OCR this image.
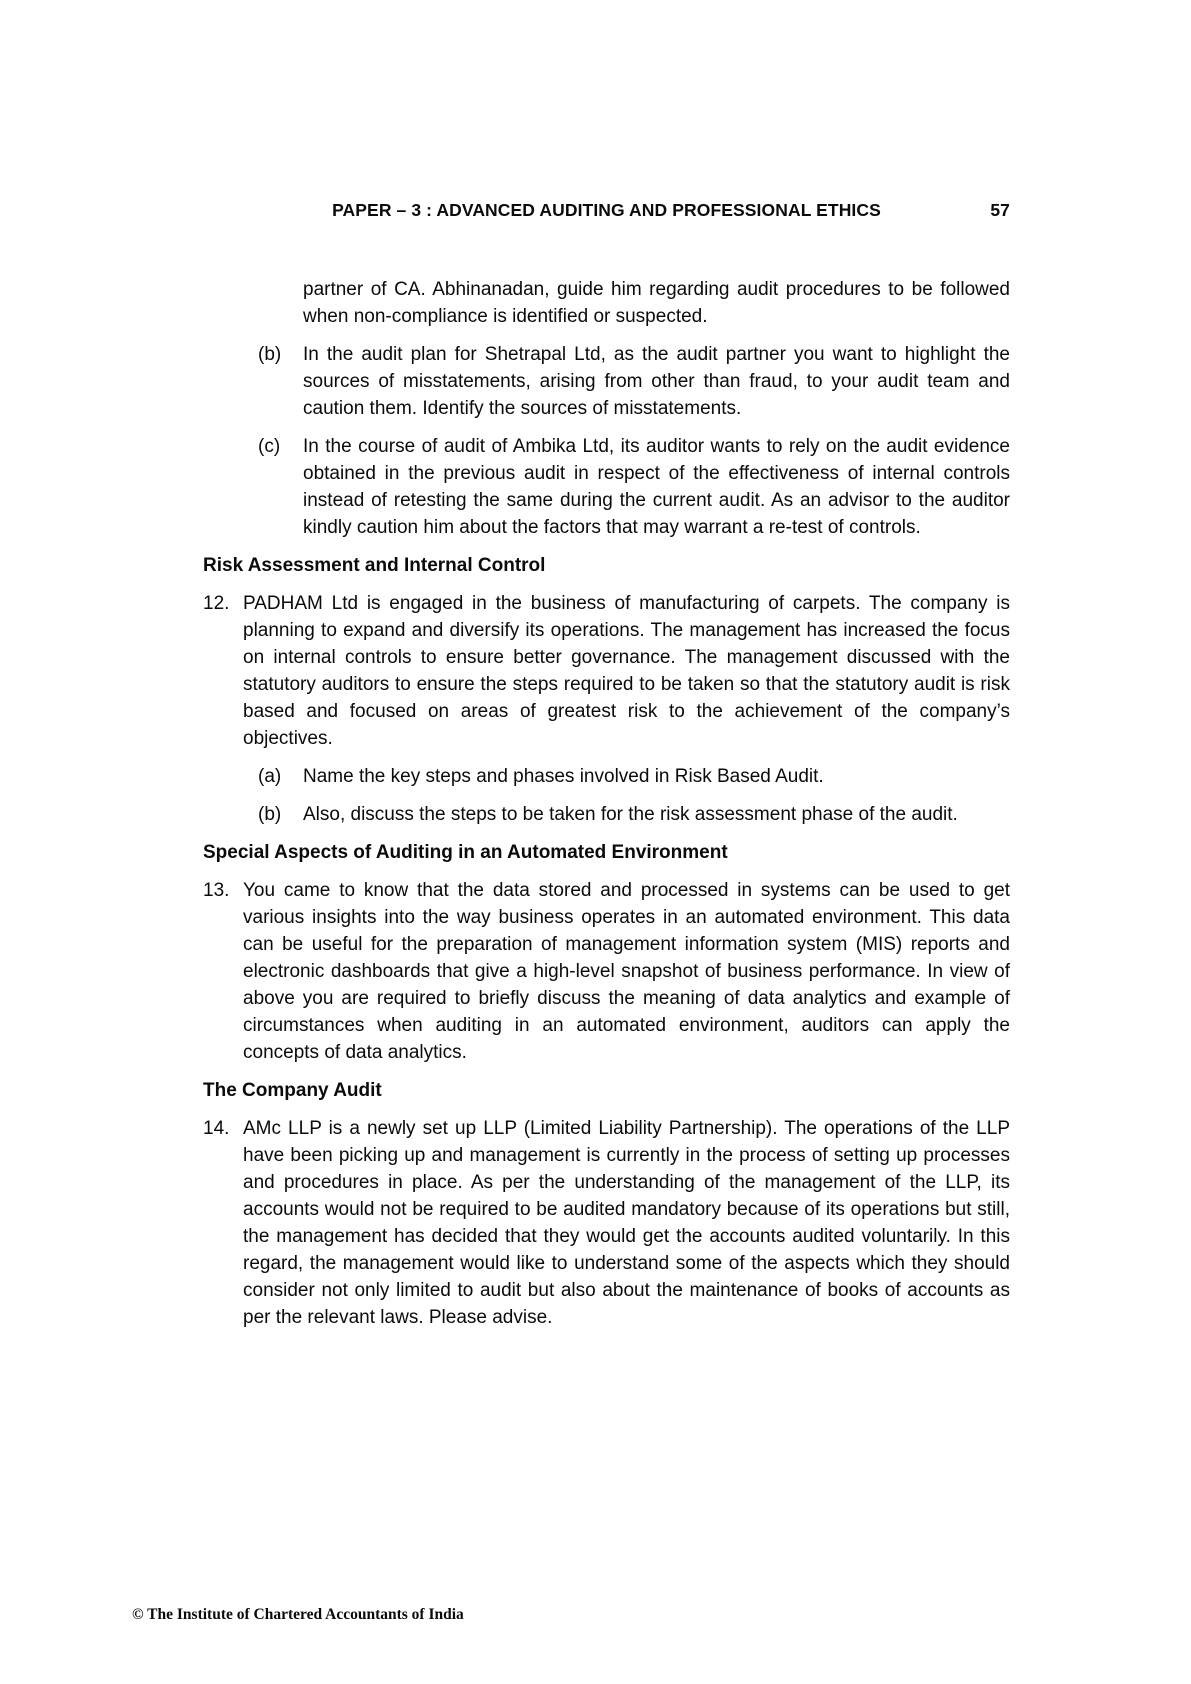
PAPER – 3 : ADVANCED AUDITING AND PROFESSIONAL ETHICS	57

partner of CA. Abhinanadan, guide him regarding audit procedures to be followed when non-compliance is identified or suspected.

(b)	In the audit plan for Shetrapal Ltd, as the audit partner you want to highlight the sources of misstatements, arising from other than fraud, to your audit team and caution them. Identify the sources of misstatements.
(c)	In the course of audit of Ambika Ltd, its auditor wants to rely on the audit evidence obtained in the previous audit in respect of the effectiveness of internal controls instead of retesting the same during the current audit. As an advisor to the auditor kindly caution him about the factors that may warrant a re-test of controls.
Risk Assessment and Internal Control
12. PADHAM Ltd is engaged in the business of manufacturing of carpets. The company is planning to expand and diversify its operations. The management has increased the focus on internal controls to ensure better governance. The management discussed with the statutory auditors to ensure the steps required to be taken so that the statutory audit is risk based and focused on areas of greatest risk to the achievement of the company’s objectives.
(a)	Name the key steps and phases involved in Risk Based Audit.
(b)	Also, discuss the steps to be taken for the risk assessment phase of the audit.
Special Aspects of Auditing in an Automated Environment
13. You came to know that the data stored and processed in systems can be used to get various insights into the way business operates in an automated environment. This data can be useful for the preparation of management information system (MIS) reports and electronic dashboards that give a high-level snapshot of business performance. In view of above you are required to briefly discuss the meaning of data analytics and example of circumstances when auditing in an automated environment, auditors can apply the concepts of data analytics.
The Company Audit
14. AMc LLP is a newly set up LLP (Limited Liability Partnership). The operations of the LLP have been picking up and management is currently in the process of setting up processes and procedures in place. As per the understanding of the management of the LLP, its accounts would not be required to be audited mandatory because of its operations but still, the management has decided that they would get the accounts audited voluntarily. In this regard, the management would like to understand some of the aspects which they should consider not only limited to audit but also about the maintenance of books of accounts as per the relevant laws. Please advise.
© The Institute of Chartered Accountants of India
